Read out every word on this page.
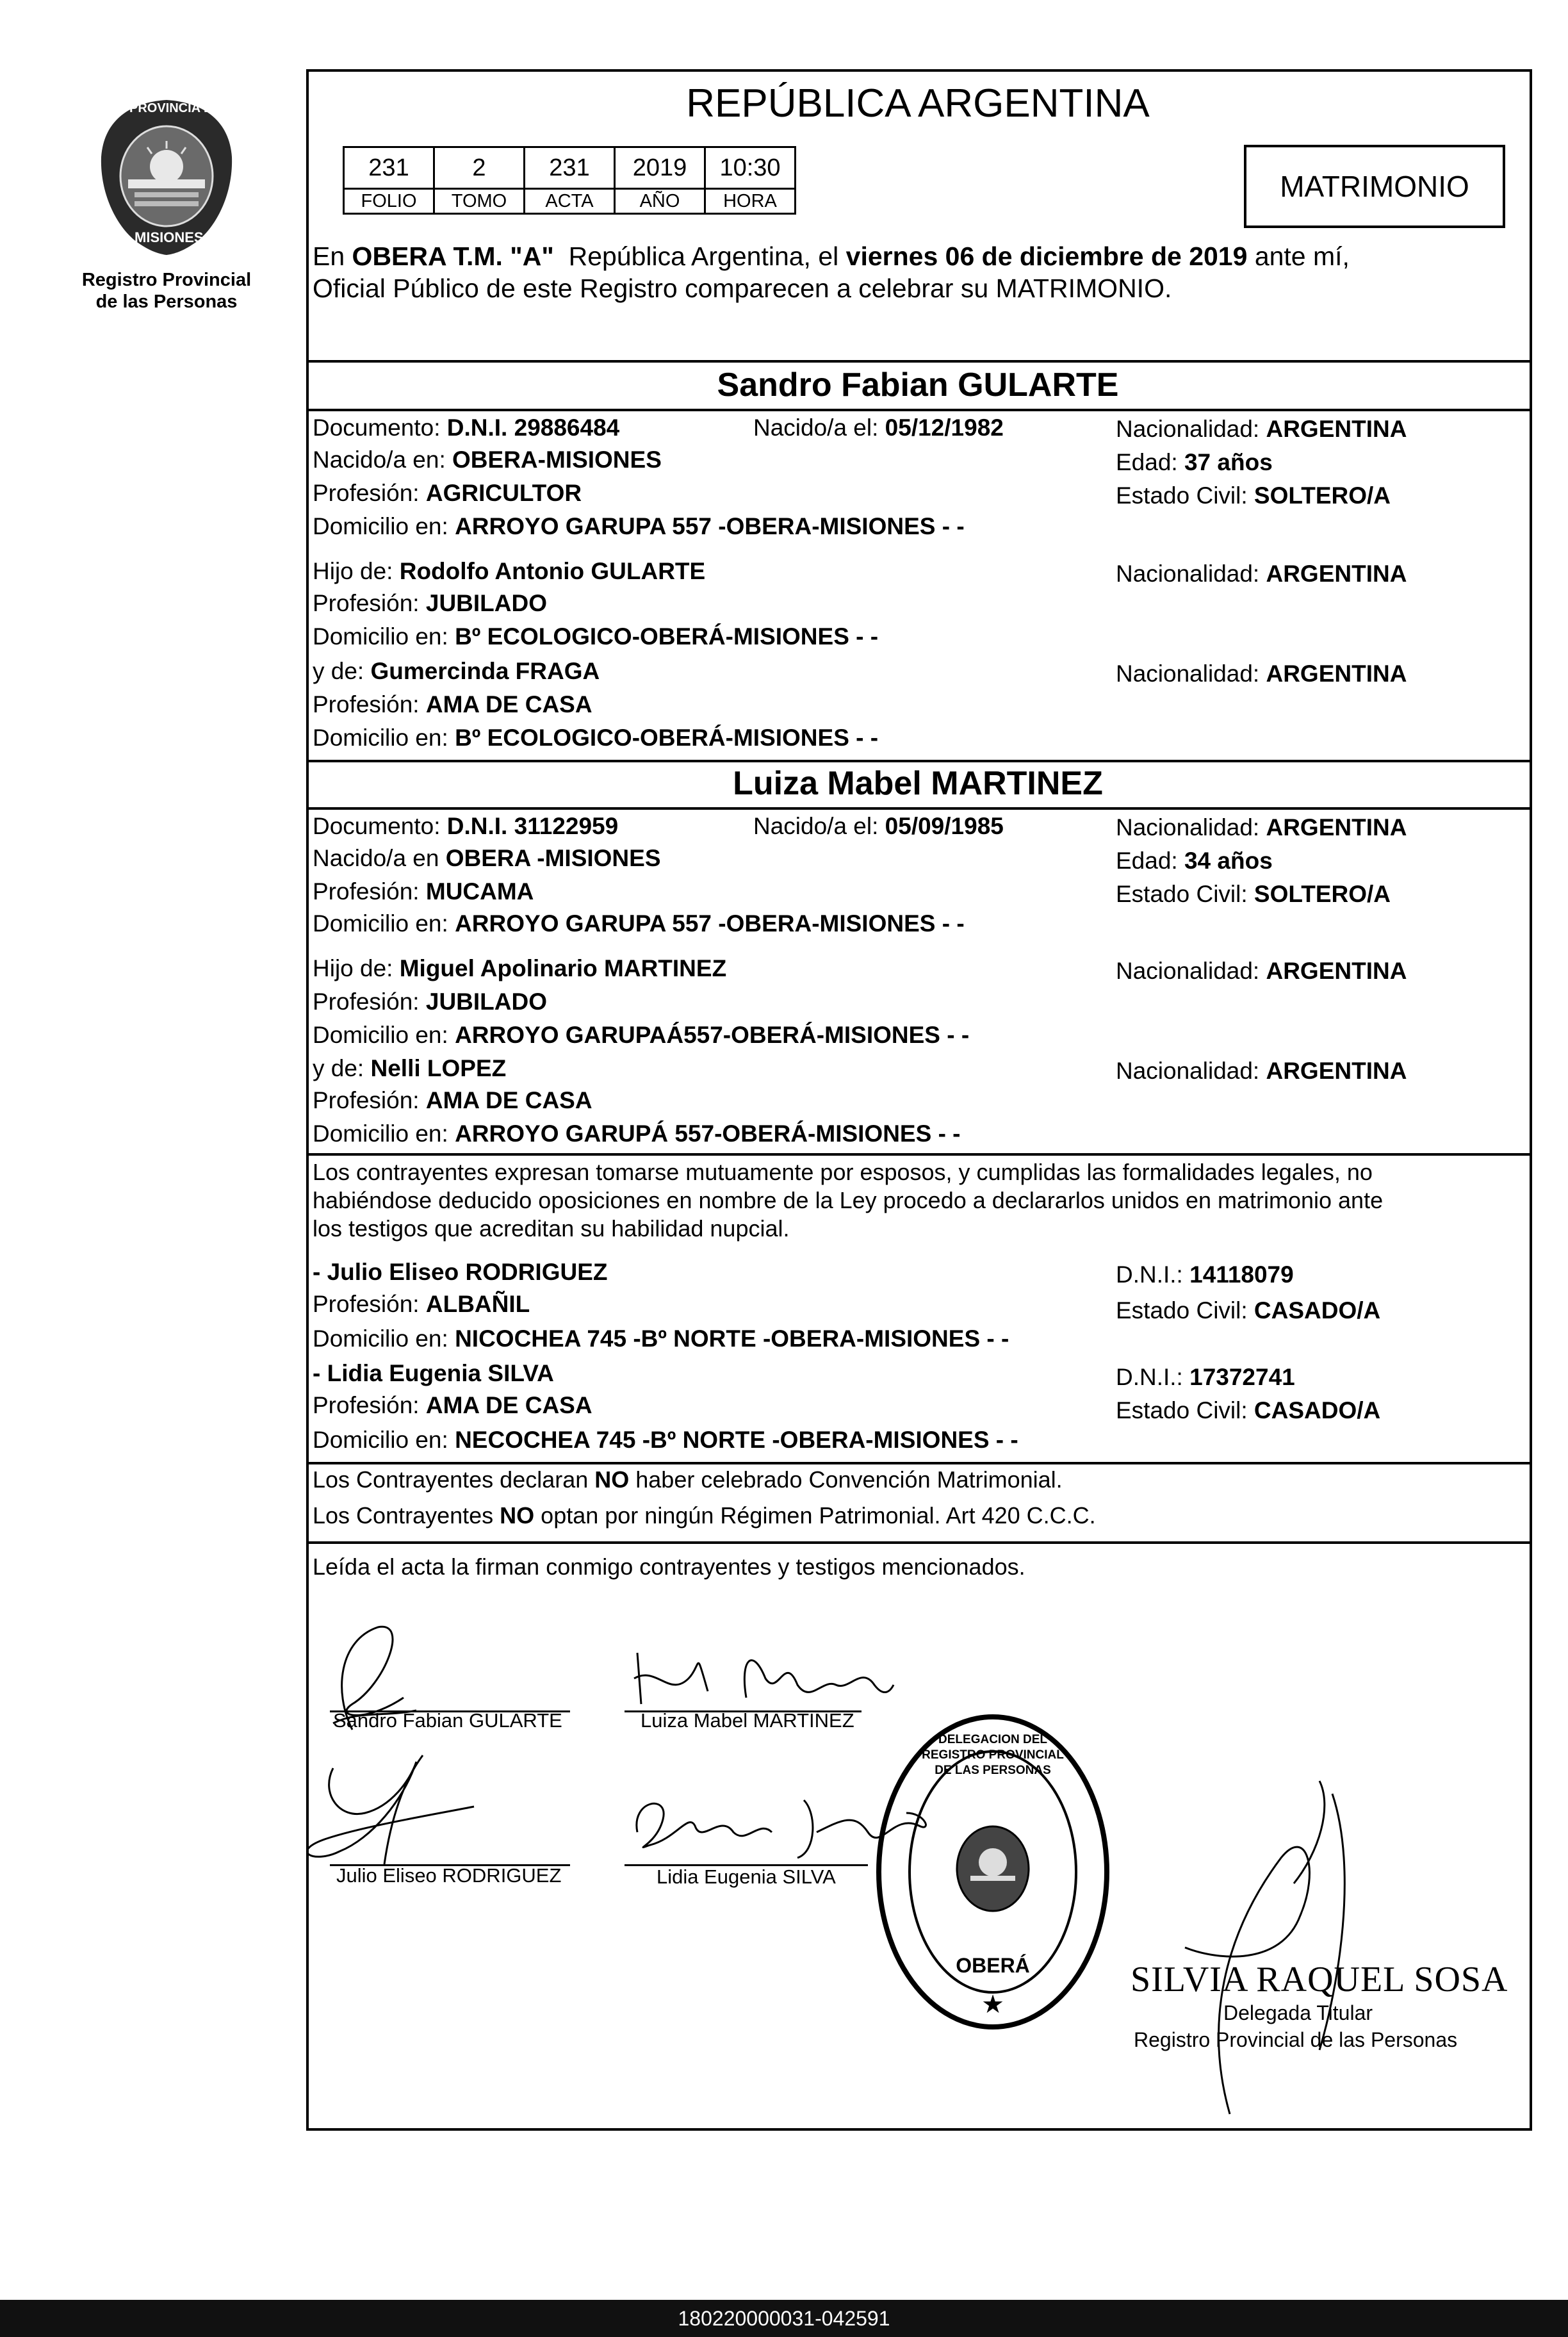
PROVINCIA DE
MISIONES
Registro Provincial
de las Personas
REPÚBLICA ARGENTINA
231	2	231	2019	10:30
FOLIO	TOMO	ACTA	AÑO	HORA	MATRIMONIO
En OBERA T.M. "A"  República Argentina, el viernes 06 de diciembre de 2019 ante mí,
Oficial Público de este Registro comparecen a celebrar su MATRIMONIO.
Sandro Fabian GULARTE
Documento: D.N.I. 29886484	Nacido/a el: 05/12/1982	Nacionalidad: ARGENTINA
Nacido/a en: OBERA-MISIONES	Edad: 37 años
Profesión: AGRICULTOR	Estado Civil: SOLTERO/A
Domicilio en: ARROYO GARUPA 557 -OBERA-MISIONES - -
Hijo de: Rodolfo Antonio GULARTE	Nacionalidad: ARGENTINA
Profesión: JUBILADO
Domicilio en: Bº ECOLOGICO-OBERÁ-MISIONES - -
y de: Gumercinda FRAGA	Nacionalidad: ARGENTINA
Profesión: AMA DE CASA
Domicilio en: Bº ECOLOGICO-OBERÁ-MISIONES - -
Luiza Mabel MARTINEZ
Documento: D.N.I. 31122959	Nacido/a el: 05/09/1985	Nacionalidad: ARGENTINA
Nacido/a en OBERA -MISIONES	Edad: 34 años
Profesión: MUCAMA	Estado Civil: SOLTERO/A
Domicilio en: ARROYO GARUPA 557 -OBERA-MISIONES - -
Hijo de: Miguel Apolinario MARTINEZ	Nacionalidad: ARGENTINA
Profesión: JUBILADO
Domicilio en: ARROYO GARUPAÁ557-OBERÁ-MISIONES - -
y de: Nelli LOPEZ	Nacionalidad: ARGENTINA
Profesión: AMA DE CASA
Domicilio en: ARROYO GARUPÁ 557-OBERÁ-MISIONES - -
Los contrayentes expresan tomarse mutuamente por esposos, y cumplidas las formalidades legales, no
habiéndose deducido oposiciones en nombre de la Ley procedo a declararlos unidos en matrimonio ante
los testigos que acreditan su habilidad nupcial.
- Julio Eliseo RODRIGUEZ	D.N.I.: 14118079
Profesión: ALBAÑIL	Estado Civil: CASADO/A
Domicilio en: NICOCHEA 745 -Bº NORTE -OBERA-MISIONES - -
- Lidia Eugenia SILVA	D.N.I.: 17372741
Profesión: AMA DE CASA	Estado Civil: CASADO/A
Domicilio en: NECOCHEA 745 -Bº NORTE -OBERA-MISIONES - -
Los Contrayentes declaran NO haber celebrado Convención Matrimonial.
Los Contrayentes NO optan por ningún Régimen Patrimonial. Art 420 C.C.C.
Leída el acta la firman conmigo contrayentes y testigos mencionados.
Sandro Fabian GULARTE	Luiza Mabel MARTINEZ
Julio Eliseo RODRIGUEZ	Lidia Eugenia SILVA
★
DELEGACION DEL REGISTRO PROVINCIAL DE LAS PERSONAS
OBERÁ	SILVIA RAQUEL SOSA
Delegada Titular
Registro Provincial de las Personas
180220000031-042591
